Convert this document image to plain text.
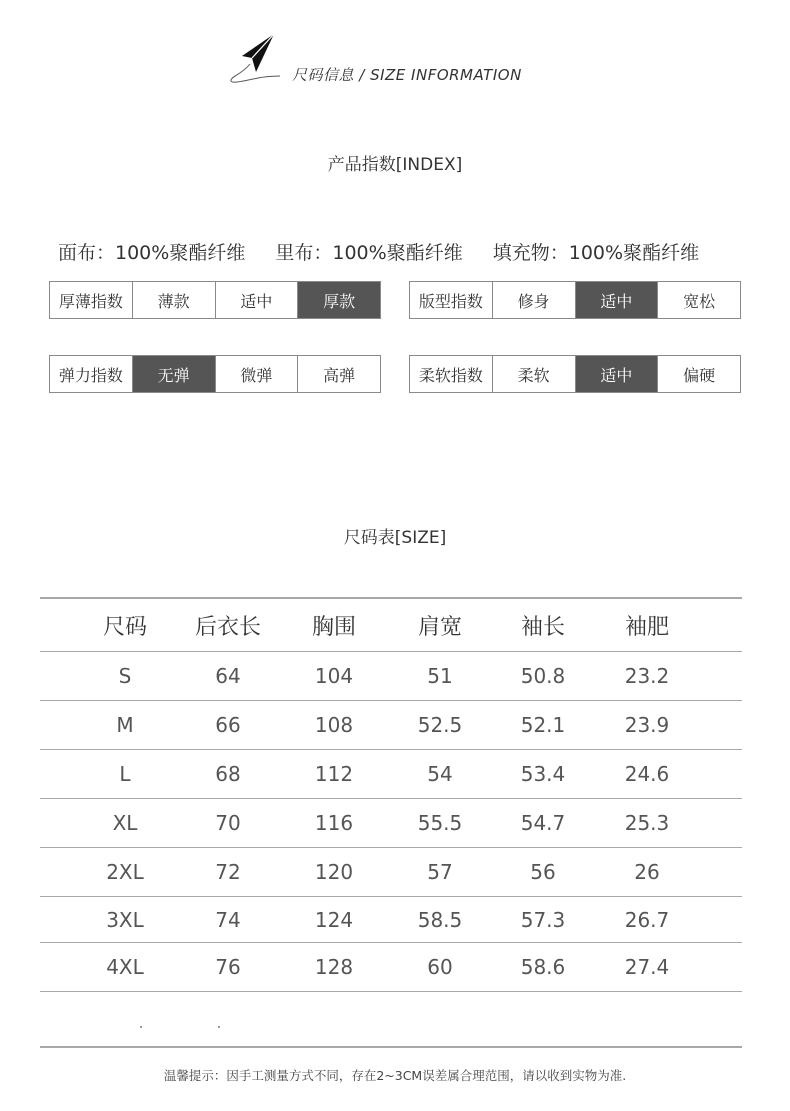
尺码信息 / SIZE INFORMATION
产品指数[INDEX]
面布：100%聚酯纤维 里布：100%聚酯纤维 填充物：100%聚酯纤维
厚薄指数	薄款	适中	厚款	版型指数	修身	适中	宽松
弹力指数	无弹	微弹	高弹	柔软指数	柔软	适中	偏硬
尺码表[SIZE]
尺码 后衣长 胸围	肩宽	袖长	袖肥
S	64	104	51	50.8	23.2
M	66	108	52.5	52.1	23.9
L	68	112	54	53.4	24.6
XL	70	116	55.5	54.7	25.3
2XL	72	120	57	56	26
3XL	74	124	58.5	57.3	26.7
4XL	76	128	60	58.6	27.4
温馨提示：因手工测量方式不同，存在2~3CM误差属合理范围，请以收到实物为准.
